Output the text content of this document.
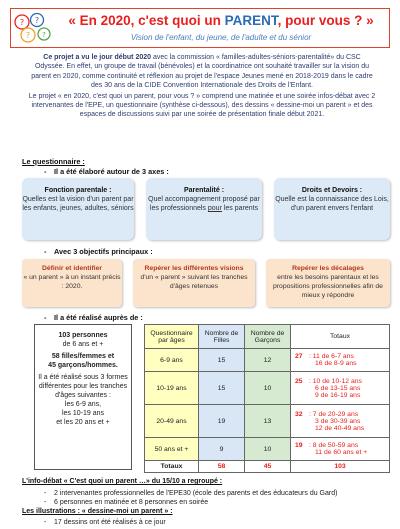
? ?
? ?
« En 2020, c'est quoi un PARENT, pour vous ? »
Vision de l'enfant, du jeune, de l'adulte et du sénior

Ce projet a vu le jour début 2020 avec la commission « familles-adultes-séniors-parentalité» du CSC Odyssée. En effet, un groupe de travail (bénévoles) et la coordinatrice ont souhaité travailler sur la vision du parent en 2020, comme continuité et réflexion au projet de l'espace Jeunes mené en 2018-2019 dans le cadre des 30 ans de la CIDE Convention Internationale des Droits de l'Enfant.

Le projet « en 2020, c'est quoi un parent, pour vous ? » comprend une matinée et une soirée infos-débat avec 2 intervenantes de l'EPE, un questionnaire (synthèse ci-dessous), des dessins « dessine-moi un parent » et des espaces de discussions suivi par une soirée de présentation finale début 2021.

Le questionnaire :
- Il a été élaboré autour de 3 axes :
Fonction parentale :
Quelles est la vision d'un parent par les enfants, jeunes, adultes, séniors
Parentalité :
Quel accompagnement proposé par les professionnels pour les parents
Droits et Devoirs :
Quelle est la connaissance des Lois, d'un parent envers l'enfant
- Avec 3 objectifs principaux :
Définir et identifier
« un parent » à un instant précis : 2020.
Repérer les différentes visions
d'un « parent » suivant les tranches d'âges retenues
Repérer les décalages
entre les besoins parentaux et les propositions professionnelles afin de mieux y répondre
- Il a été réalisé auprès de :
103 personnes
de 6 ans et +
58 filles/femmes et
45 garçons/hommes.
Il a été réalisé sous 3 formes différentes pour les tranches d'âges suivantes :
les 6-9 ans,
les 10-19 ans
et les 20 ans et +
Questionnaire par âges	Nombre de Filles	Nombre de Garçons	Totaux
6-9 ans	15	12	27 : 11 de 6-7 ans
16 de 8-9 ans
10-19 ans	15	10	25 : 10 de 10-12 ans
6 de 13-15 ans
9 de 16-19 ans
20-49 ans	19	13	32 : 7 de 20-29 ans
3 de 30-39 ans
12 de 40-49 ans
50 ans et +	9	10	19 : 8 de 50-59 ans
11 de 60 ans et +
Totaux	58	45	103
L'info-débat « C'est quoi un parent …» du 15/10 a regroupé :
- 2 intervenantes professionnelles de l'EPE30 (école des parents et des éducateurs du Gard)
- 6 personnes en matinée et 8 personnes en soirée
Les illustrations : « dessine-moi un parent » :
- 17 dessins ont été réalisés à ce jour
